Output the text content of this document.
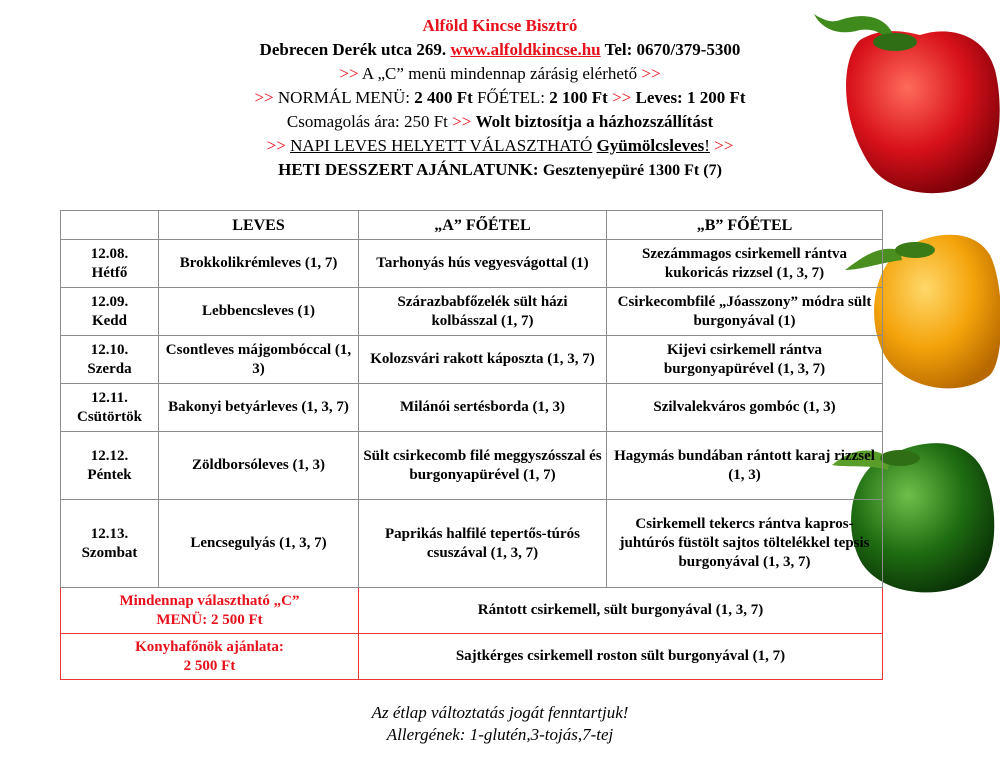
Alföld Kincse Bisztró
Debrecen Derék utca 269. www.alfoldkincse.hu Tel: 0670/379-5300
>> A „C” menü mindennap zárásig elérhető >>
>> NORMÁL MENÜ: 2 400 Ft FŐÉTEL: 2 100 Ft >> Leves: 1 200 Ft
Csomagolás ára: 250 Ft >> Wolt biztosítja a házhozszállítást
>> NAPI LEVES HELYETT VÁLASZTHATÓ Gyümölcsleves! >>
HETI DESSZERT AJÁNLATUNK: Gesztenyepüré 1300 Ft (7)
	LEVES	„A” FŐÉTEL	„B” FŐÉTEL
12.08.
Hétfő	Brokkolikrémleves (1, 7)	Tarhonyás hús vegyesvágottal (1)	Szezámmagos csirkemell rántva kukoricás rizzsel (1, 3, 7)
12.09.
Kedd	Lebbencsleves (1)	Szárazbabfőzelék sült házi kolbásszal (1, 7)	Csirkecombfilé „Jóasszony” módra sült burgonyával (1)
12.10.
Szerda	Csontleves májgombóccal (1, 3)	Kolozsvári rakott káposzta (1, 3, 7)	Kijevi csirkemell rántva burgonyapürével (1, 3, 7)
12.11.
Csütörtök	Bakonyi betyárleves (1, 3, 7)	Milánói sertésborda (1, 3)	Szilvalekváros gombóc (1, 3)
12.12.
Péntek	Zöldborsóleves (1, 3)	Sült csirkecomb filé meggyszósszal és burgonyapürével (1, 7)	Hagymás bundában rántott karaj rizzsel (1, 3)
12.13.
Szombat	Lencsegulyás (1, 3, 7)	Paprikás halfilé tepertős-túrós csuszával (1, 3, 7)	Csirkemell tekercs rántva kapros-juhtúrós füstölt sajtos töltelékkel tepsis burgonyával (1, 3, 7)
Mindennap választható „C”
MENÜ: 2 500 Ft		Rántott csirkemell, sült burgonyával (1, 3, 7)	
Konyhafőnök ajánlata:
2 500 Ft		Sajtkérges csirkemell roston sült burgonyával (1, 7)	
Az étlap változtatás jogát fenntartjuk!
Allergének: 1-glutén,3-tojás,7-tej
